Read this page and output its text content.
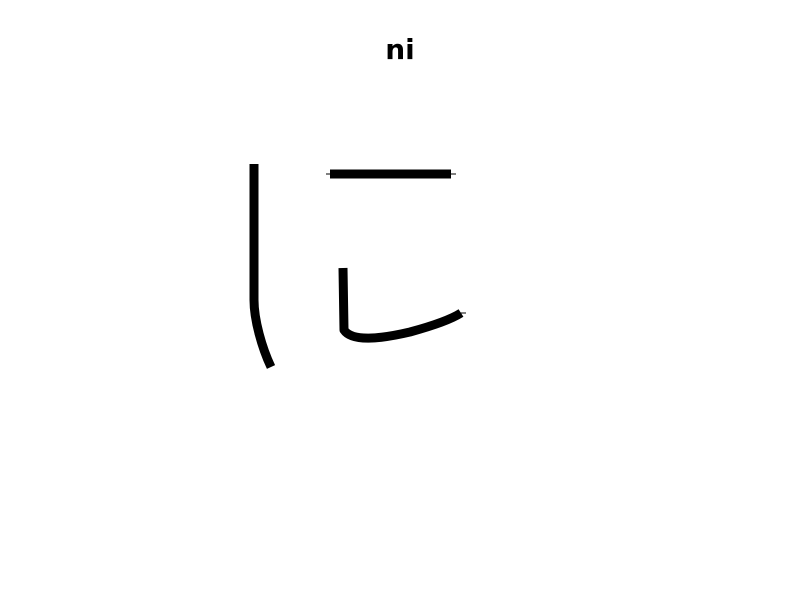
ni
